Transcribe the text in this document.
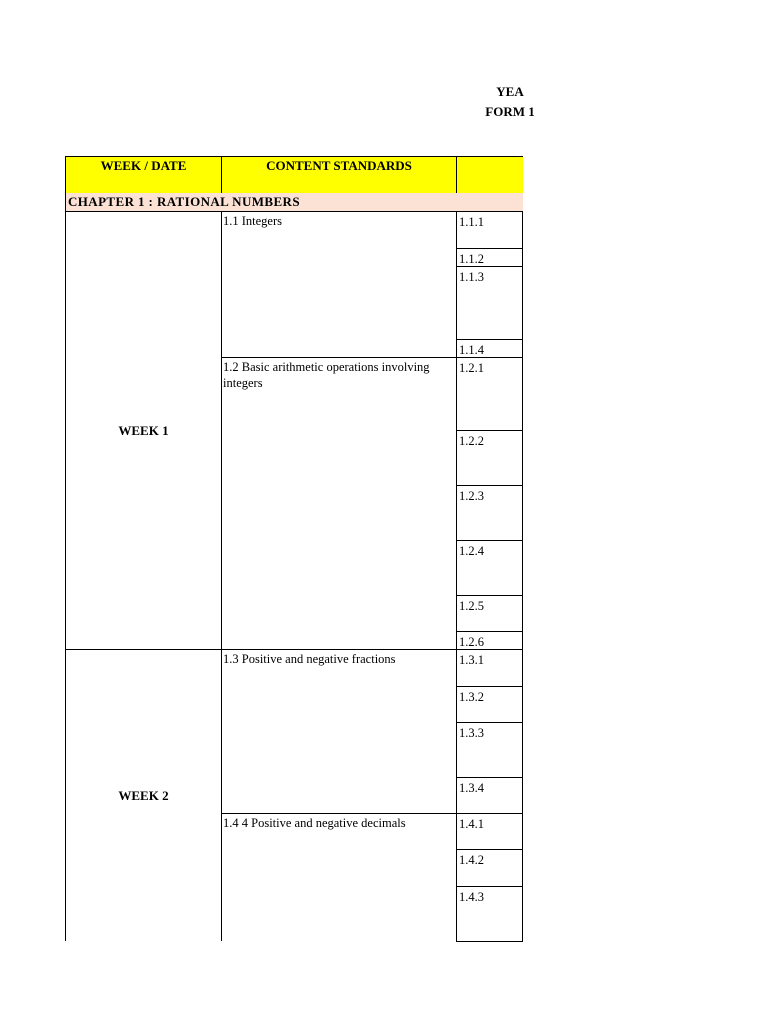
YEA
FORM 1
WEEK / DATE	CONTENT STANDARDS
CHAPTER 1 : RATIONAL NUMBERS
WEEK 1
1.1 Integers
1.2 Basic arithmetic operations involving integers
1.1.1
1.1.2
1.1.3
1.1.4
1.2.1
1.2.2
1.2.3
1.2.4
1.2.5
1.2.6
WEEK 2
1.3 Positive and negative fractions
1.4 4 Positive and negative decimals
1.3.1
1.3.2
1.3.3
1.3.4
1.4.1
1.4.2
1.4.3
